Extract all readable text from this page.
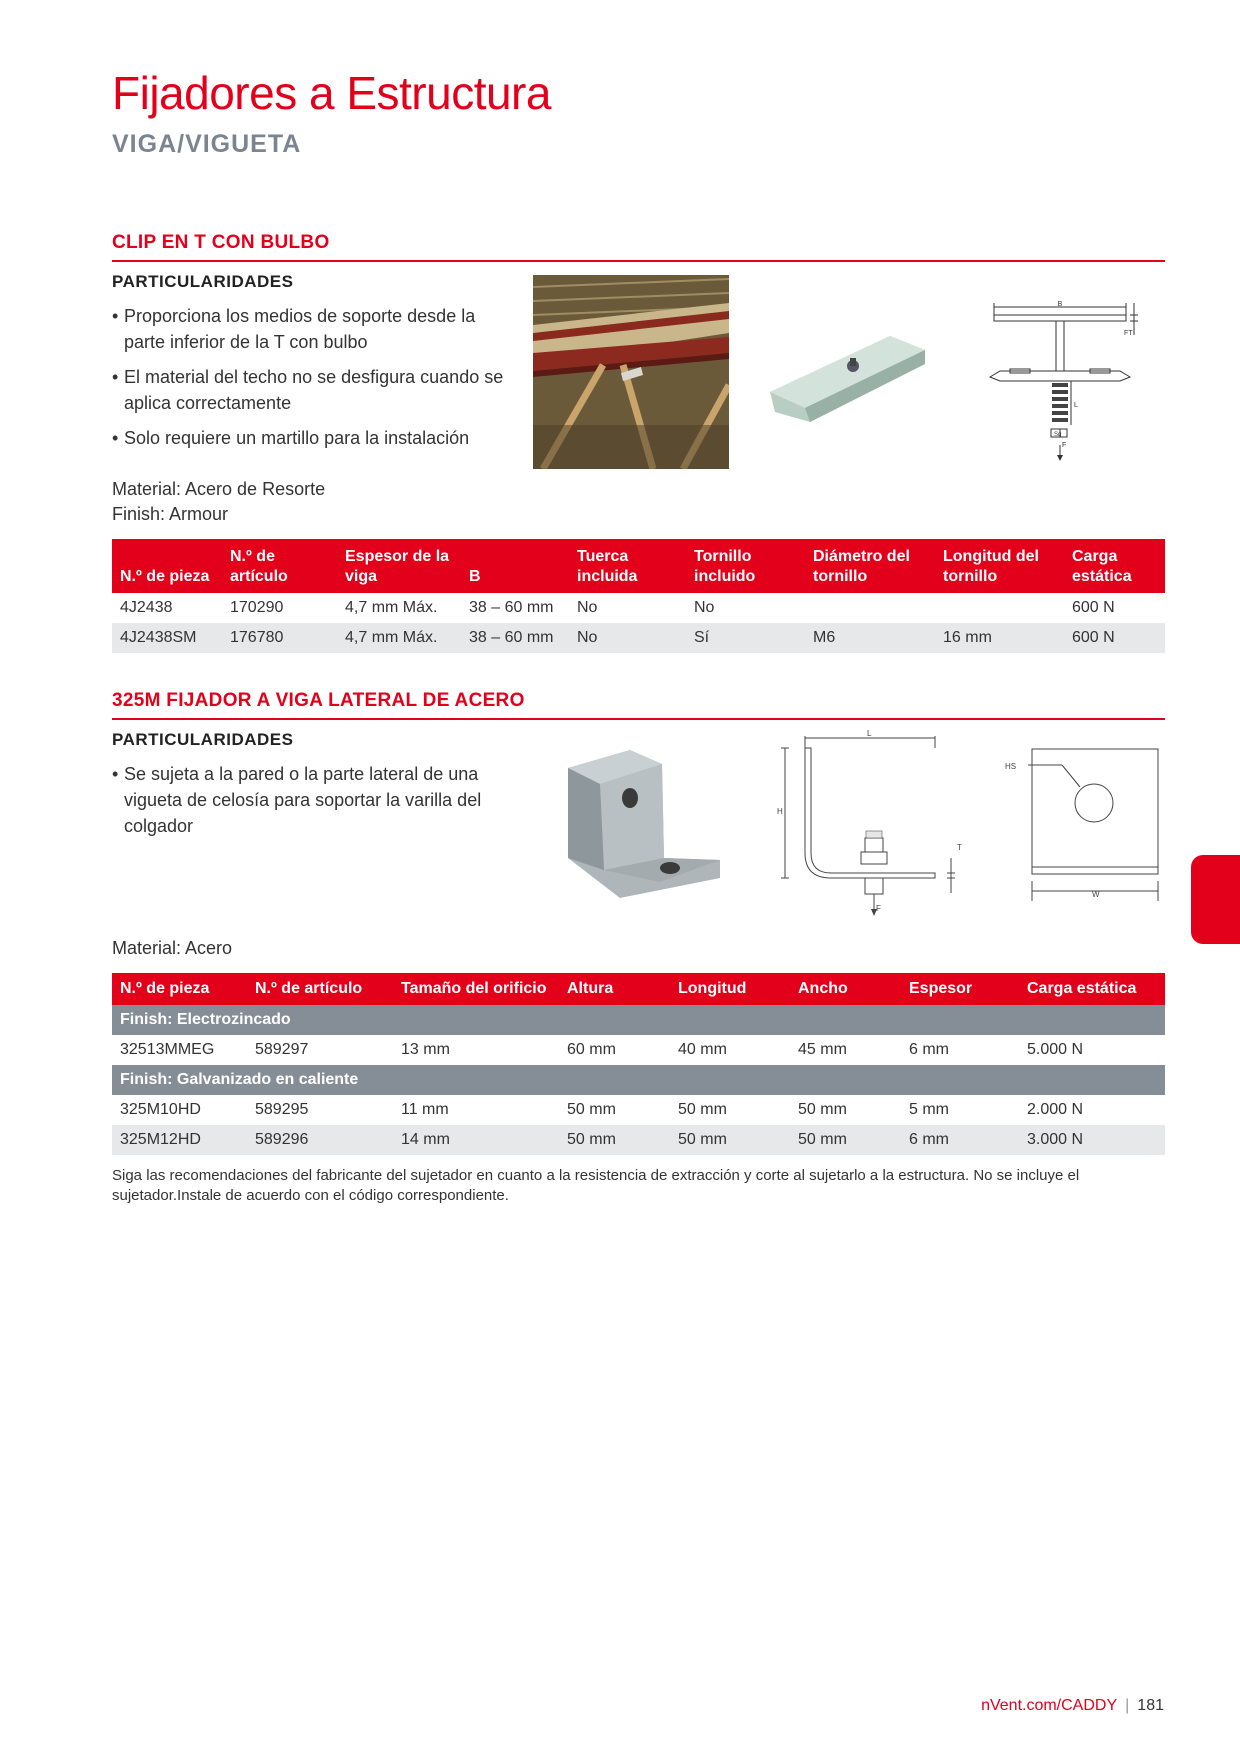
Fijadores a Estructura
VIGA/VIGUETA
CLIP EN T CON BULBO
PARTICULARIDADES
• Proporciona los medios de soporte desde la parte inferior de la T con bulbo
• El material del techo no se desfigura cuando se aplica correctamente
• Solo requiere un martillo para la instalación
Material: Acero de Resorte
Finish: Armour
B
FT
L
Sq
F
N.º de pieza	N.º de artículo	Espesor de la viga	B	Tuerca incluida	Tornillo incluido	Diámetro del tornillo	Longitud del tornillo	Carga estática
4J2438	170290	4,7 mm Máx.	38 – 60 mm	No	No			600 N
4J2438SM	176780	4,7 mm Máx.	38 – 60 mm	No	Sí	M6	16 mm	600 N
325M FIJADOR A VIGA LATERAL DE ACERO
PARTICULARIDADES
• Se sujeta a la pared o la parte lateral de una vigueta de celosía para soportar la varilla del colgador
Material: Acero
L
H
T
F
HS
W
N.º de pieza	N.º de artículo	Tamaño del orificio	Altura	Longitud	Ancho	Espesor	Carga estática
Finish: Electrozincado							
32513MMEG	589297	13 mm	60 mm	40 mm	45 mm	6 mm	5.000 N
Finish: Galvanizado en caliente							
325M10HD	589295	11 mm	50 mm	50 mm	50 mm	5 mm	2.000 N
325M12HD	589296	14 mm	50 mm	50 mm	50 mm	6 mm	3.000 N
Siga las recomendaciones del fabricante del sujetador en cuanto a la resistencia de extracción y corte al sujetarlo a la estructura. No se incluye el sujetador.Instale de acuerdo con el código correspondiente.
nVent.com/CADDY | 181
